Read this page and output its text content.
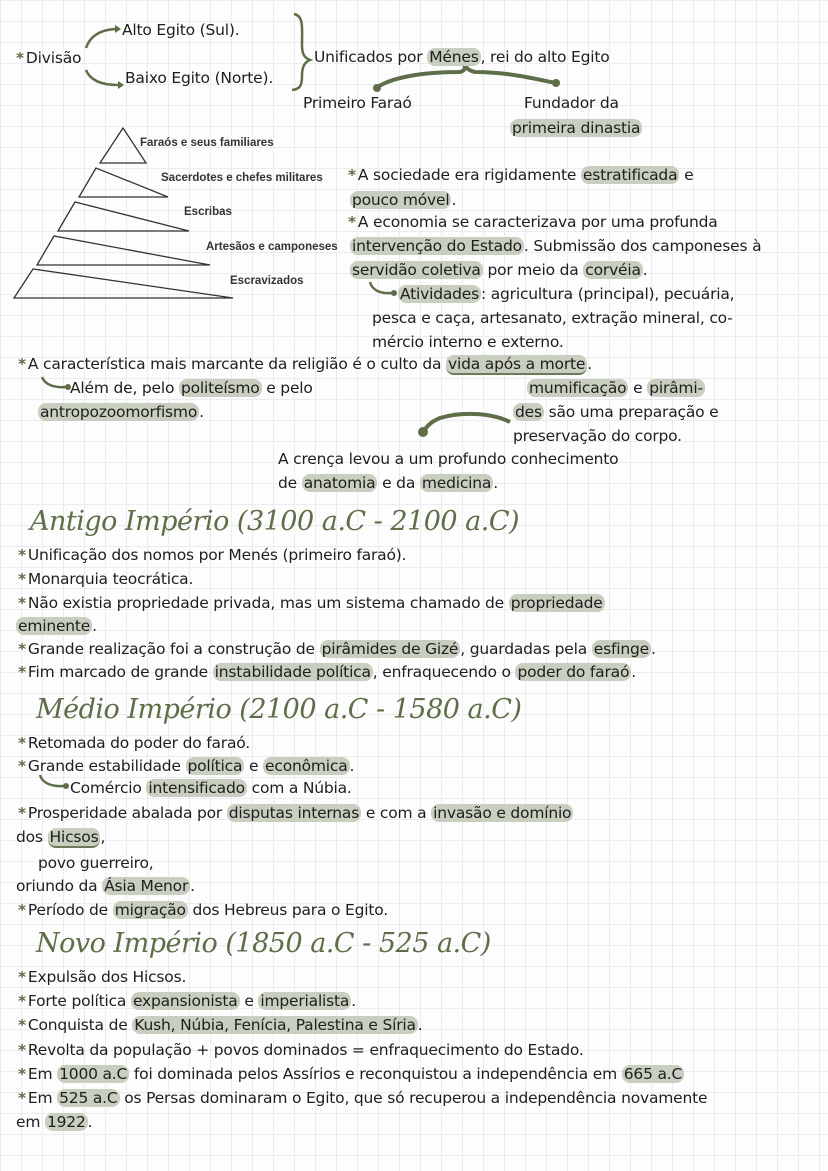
* Divisão
Alto Egito (Sul).
Baixo Egito (Norte).
Unificados por Ménes , rei do alto Egito
Primeiro Faraó	Fundador da
primeira dinastia
Faraós e seus familiares
Sacerdotes e chefes militares
Escribas
Artesãos e camponeses
Escravizados
* A sociedade era rigidamente estratificada e
pouco móvel .
* A economia se caracterizava por uma profunda
intervenção do Estado . Submissão dos camponeses à
servidão coletiva por meio da corvéia .
Atividades : agricultura (principal), pecuária,
pesca e caça, artesanato, extração mineral, co-
mércio interno e externo.
* A característica mais marcante da religião é o culto da vida após a morte .
Além de, pelo politeísmo e pelo
antropozoomorfismo .
mumificação e pirâmi-
des são uma preparação e
preservação do corpo.
A crença levou a um profundo conhecimento
de anatomia e da medicina .
Antigo Império (3100 a.C - 2100 a.C)
* Unificação dos nomos por Menés (primeiro faraó).
* Monarquia teocrática.
* Não existia propriedade privada, mas um sistema chamado de propriedade
eminente .
* Grande realização foi a construção de pirâmides de Gizé , guardadas pela esfinge .
* Fim marcado de grande instabilidade política , enfraquecendo o poder do faraó .
Médio Império (2100 a.C - 1580 a.C)
* Retomada do poder do faraó.
* Grande estabilidade política e econômica .
Comércio intensificado com a Núbia.
* Prosperidade abalada por disputas internas e com a invasão e domínio
dos Hicsos ,
povo guerreiro,
oriundo da Ásia Menor .
* Período de migração dos Hebreus para o Egito.
Novo Império (1850 a.C - 525 a.C)
* Expulsão dos Hicsos.
* Forte política expansionista e imperialista .
* Conquista de Kush, Núbia, Fenícia, Palestina e Síria .
* Revolta da população + povos dominados = enfraquecimento do Estado.
* Em 1000 a.C foi dominada pelos Assírios e reconquistou a independência em 665 a.C
* Em 525 a.C os Persas dominaram o Egito, que só recuperou a independência novamente
em 1922 .
